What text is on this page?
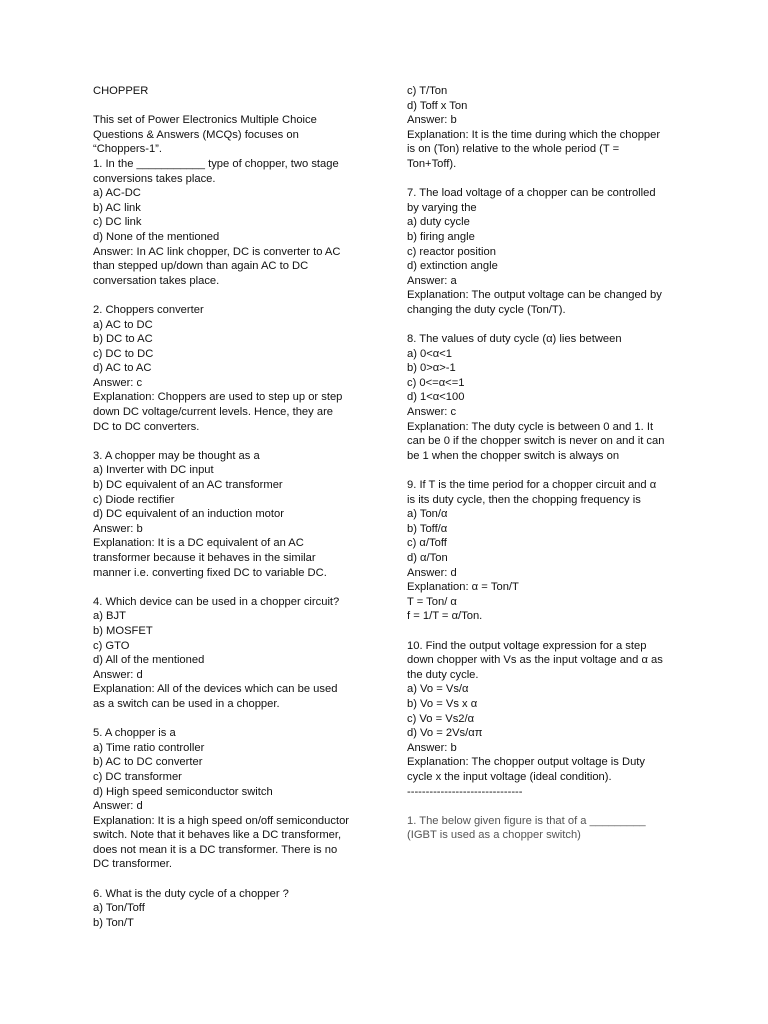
CHOPPER
This set of Power Electronics Multiple Choice
Questions & Answers (MCQs) focuses on
“Choppers-1”.
1. In the ___________ type of chopper, two stage
conversions takes place.
a) AC-DC
b) AC link
c) DC link
d) None of the mentioned
Answer: In AC link chopper, DC is converter to AC
than stepped up/down than again AC to DC
conversation takes place.
2. Choppers converter
a) AC to DC
b) DC to AC
c) DC to DC
d) AC to AC
Answer: c
Explanation: Choppers are used to step up or step
down DC voltage/current levels. Hence, they are
DC to DC converters.
3. A chopper may be thought as a
a) Inverter with DC input
b) DC equivalent of an AC transformer
c) Diode rectifier
d) DC equivalent of an induction motor
Answer: b
Explanation: It is a DC equivalent of an AC
transformer because it behaves in the similar
manner i.e. converting fixed DC to variable DC.
4. Which device can be used in a chopper circuit?
a) BJT
b) MOSFET
c) GTO
d) All of the mentioned
Answer: d
Explanation: All of the devices which can be used
as a switch can be used in a chopper.
5. A chopper is a
a) Time ratio controller
b) AC to DC converter
c) DC transformer
d) High speed semiconductor switch
Answer: d
Explanation: It is a high speed on/off semiconductor
switch. Note that it behaves like a DC transformer,
does not mean it is a DC transformer. There is no
DC transformer.
6. What is the duty cycle of a chopper ?
a) Ton/Toff
b) Ton/T
c) T/Ton
d) Toff x Ton
Answer: b
Explanation: It is the time during which the chopper
is on (Ton) relative to the whole period (T =
Ton+Toff).
7. The load voltage of a chopper can be controlled
by varying the
a) duty cycle
b) firing angle
c) reactor position
d) extinction angle
Answer: a
Explanation: The output voltage can be changed by
changing the duty cycle (Ton/T).
8. The values of duty cycle (α) lies between
a) 0<α<1
b) 0>α>-1
c) 0<=α<=1
d) 1<α<100
Answer: c
Explanation: The duty cycle is between 0 and 1. It
can be 0 if the chopper switch is never on and it can
be 1 when the chopper switch is always on
9. If T is the time period for a chopper circuit and α
is its duty cycle, then the chopping frequency is
a) Ton/α
b) Toff/α
c) α/Toff
d) α/Ton
Answer: d
Explanation: α = Ton/T
T = Ton/ α
f = 1/T = α/Ton.
10. Find the output voltage expression for a step
down chopper with Vs as the input voltage and α as
the duty cycle.
a) Vo = Vs/α
b) Vo = Vs x α
c) Vo = Vs2/α
d) Vo = 2Vs/απ
Answer: b
Explanation: The chopper output voltage is Duty
cycle x the input voltage (ideal condition).
-------------------------------
1. The below given figure is that of a _________
(IGBT is used as a chopper switch)
